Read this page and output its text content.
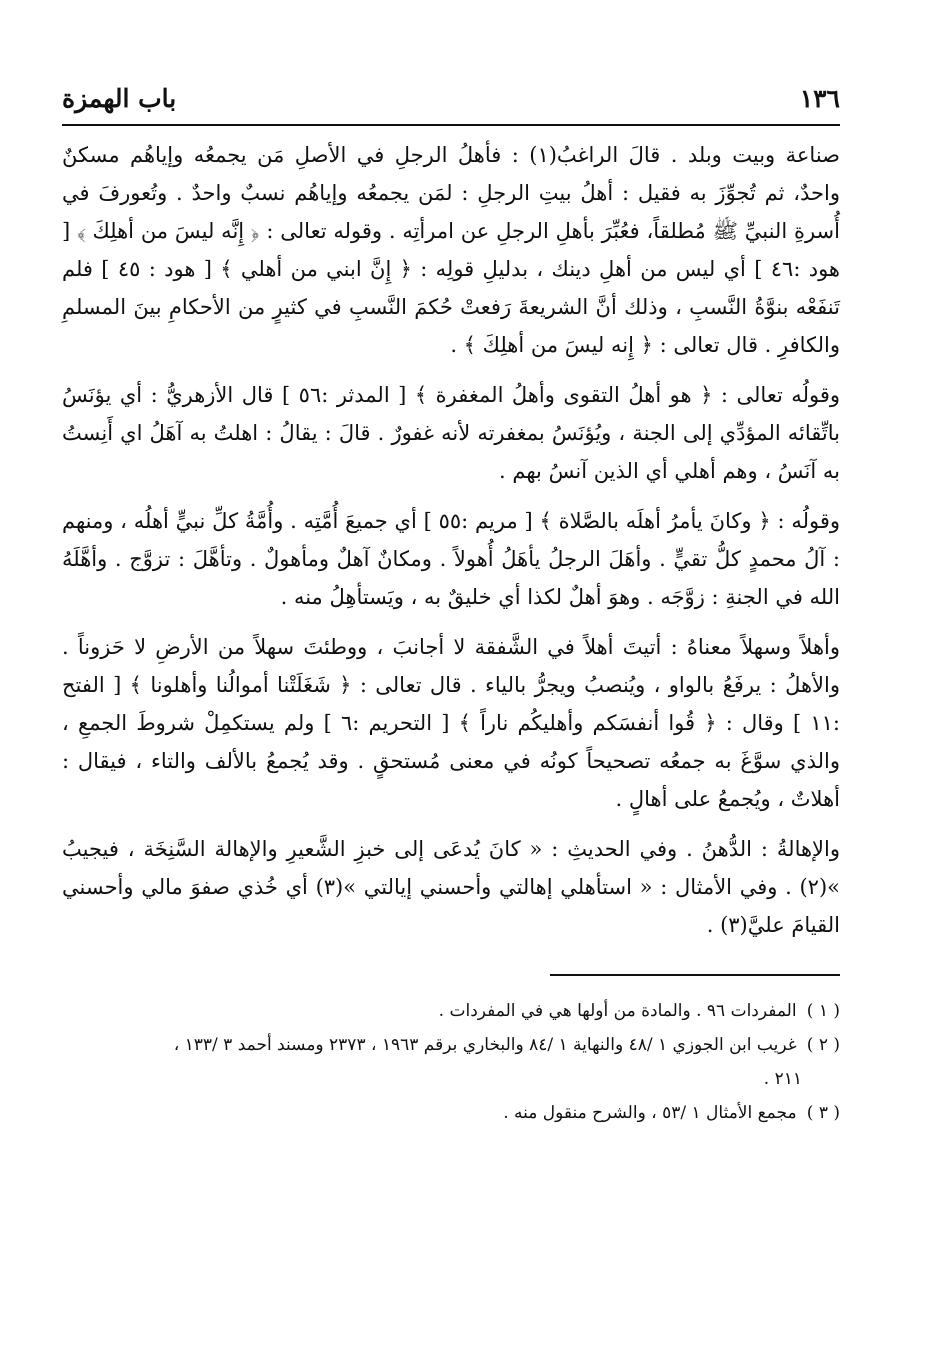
١٣٦
باب الهمزة

صناعة وبيت وبلد . قالَ الراغبُ(١) : فأهلُ الرجلِ في الأصلِ مَن يجمعُه وإياهُم مسكنٌ واحدٌ، ثم تُجوِّزَ به فقيل : أهلُ بيتِ الرجلِ : لمَن يجمعُه وإياهُم نسبٌ واحدٌ . وتُعورفَ في أُسرةِ النبيِّ ﷺ مُطلقاً، فعُبِّرَ بأهلِ الرجلِ عن امرأتِه . وقوله تعالى : ﴿ إِنَّه ليسَ من أهلِكَ ﴾ [ هود :٤٦ ] أي ليس من أهلِ دينك ، بدليلِ قولِه : ﴿ إِنَّ ابني من أهلي ﴾ [ هود : ٤٥ ] فلم تَنفَعْه بنوَّةُ النَّسبِ ، وذلك أنَّ الشريعةَ رَفعتْ حُكمَ النَّسبِ في كثيرٍ من الأحكامِ بينَ المسلمِ والكافرِ . قال تعالى : ﴿ إِنه ليسَ من أهلِكَ ﴾ .

وقولُه تعالى : ﴿ هو أهلُ التقوى وأهلُ المغفرة ﴾ [ المدثر :٥٦ ] قال الأزهريُّ : أي يؤنَسُ باتِّقائه المؤدِّي إلى الجنة ، ويُؤنَسُ بمغفرته لأنه غفورٌ . قالَ : يقالُ : اهلتُ به آهَلُ اي أَنِستُ به آنَسُ ، وهم أهلي أي الذين آنسُ بهم .

وقولُه : ﴿ وكانَ يأمرُ أهلَه بالصَّلاة ﴾ [ مريم :٥٥ ] أي جميعَ أُمَّتِه . وأُمَّةُ كلِّ نبيٍّ أهلُه ، ومنهم : آلُ محمدٍ كلُّ تقيٍّ . وأهَلَ الرجلُ يأهَلُ أُهولاً . ومكانٌ آهلٌ ومأهولٌ . وتأهَّلَ : تزوَّج . وأهَّلَهُ الله في الجنةِ : زوَّجَه . وهوَ أهلٌ لكذا أي خليقٌ به ، ويَستأهِلُ منه .

وأهلاً وسهلاً معناهُ : أتيتَ أهلاً في الشَّفقة لا أجانبَ ، ووطئتَ سهلاً من الأرضِ لا حَزوناً . والأهلُ : يرفَعُ بالواو ، ويُنصبُ ويجرُّ بالياء . قال تعالى : ﴿ شَغَلَتْنا أموالُنا وأهلونا ﴾ [ الفتح :١١ ] وقال : ﴿ قُوا أنفسَكم وأهليكُم ناراً ﴾ [ التحريم :٦ ] ولم يستكمِلْ شروطَ الجمعِ ، والذي سوَّغَ به جمعُه تصحيحاً كونُه في معنى مُستحقٍ . وقد يُجمعُ بالألف والتاء ، فيقال : أهلاتٌ ، ويُجمعُ على أهالٍ .

والإهالةُ : الدُّهنُ . وفي الحديثِ : « كانَ يُدعَى إلى خبزِ الشَّعيرِ والإهالة السَّنِخَة ، فيجيبُ »(٢) . وفي الأمثال : « استأهلي إهالتي وأحسني إيالتي »(٣) أي خُذي صفوَ مالي وأحسني القيامَ عليَّ(٣) .

( ١ ) المفردات ٩٦ . والمادة من أولها هي في المفردات .

( ٢ ) غريب ابن الجوزي ١ /٤٨ والنهاية ١ /٨٤ والبخاري برقم ١٩٦٣ ، ٢٣٧٣ ومسند أحمد ٣ /١٣٣ ،

٢١١ .

( ٣ ) مجمع الأمثال ١ /٥٣ ، والشرح منقول منه .
